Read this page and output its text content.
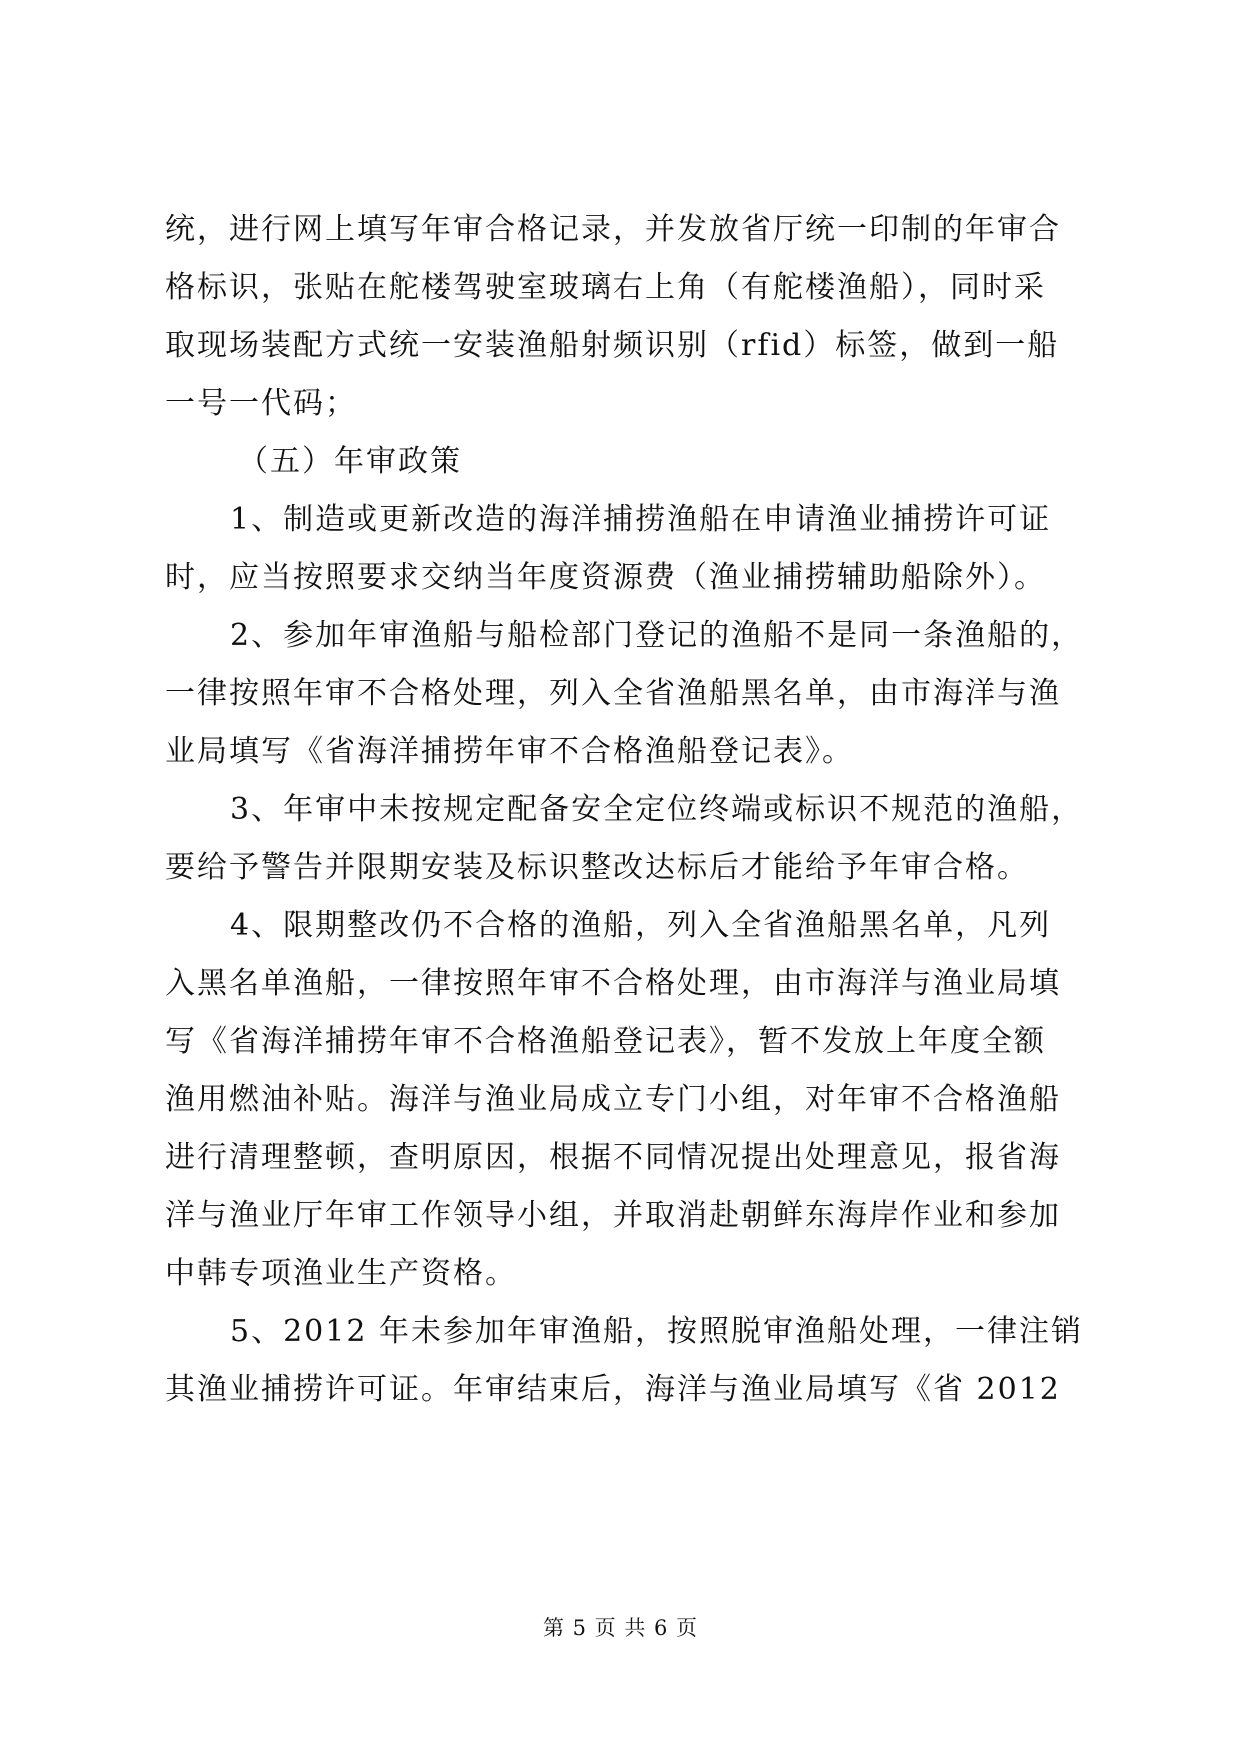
统，进行网上填写年审合格记录，并发放省厅统一印制的年审合
格标识，张贴在舵楼驾驶室玻璃右上角（有舵楼渔船），同时采
取现场装配方式统一安装渔船射频识别（rfid）标签，做到一船
一号一代码；
（五）年审政策
1、制造或更新改造的海洋捕捞渔船在申请渔业捕捞许可证
时，应当按照要求交纳当年度资源费（渔业捕捞辅助船除外）。
2、参加年审渔船与船检部门登记的渔船不是同一条渔船的，
一律按照年审不合格处理，列入全省渔船黑名单，由市海洋与渔
业局填写《省海洋捕捞年审不合格渔船登记表》。
3、年审中未按规定配备安全定位终端或标识不规范的渔船，
要给予警告并限期安装及标识整改达标后才能给予年审合格。
4、限期整改仍不合格的渔船，列入全省渔船黑名单，凡列
入黑名单渔船，一律按照年审不合格处理，由市海洋与渔业局填
写《省海洋捕捞年审不合格渔船登记表》，暂不发放上年度全额
渔用燃油补贴。海洋与渔业局成立专门小组，对年审不合格渔船
进行清理整顿，查明原因，根据不同情况提出处理意见，报省海
洋与渔业厅年审工作领导小组，并取消赴朝鲜东海岸作业和参加
中韩专项渔业生产资格。
5、2012 年未参加年审渔船，按照脱审渔船处理，一律注销
其渔业捕捞许可证。年审结束后，海洋与渔业局填写《省 2012
第 5 页 共 6 页
